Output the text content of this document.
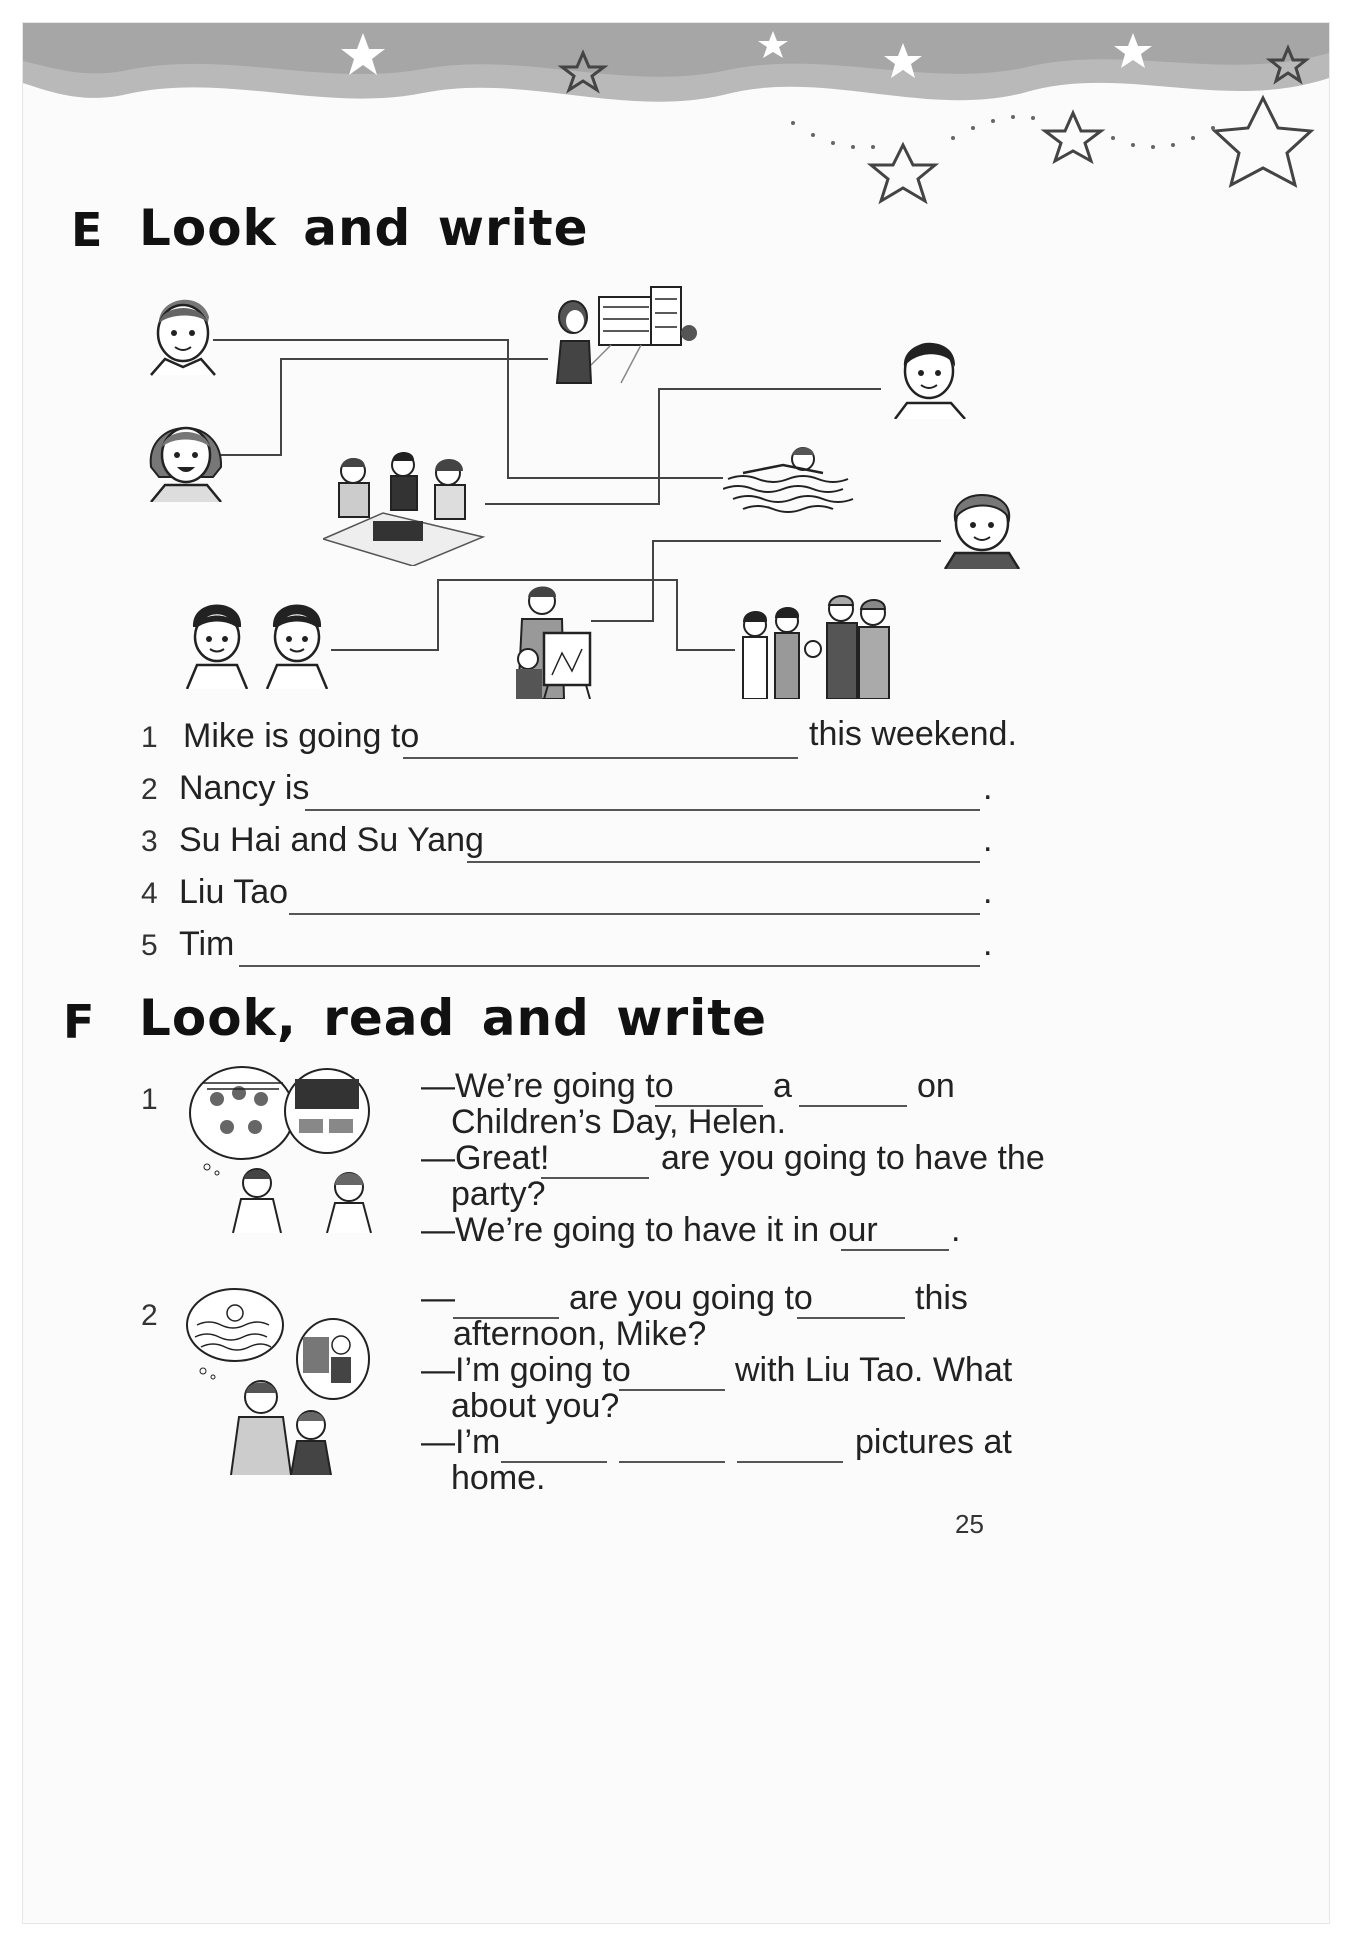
E Look and write
1 Mike is going to	this weekend.
2 Nancy is	.
3 Su Hai and Su Yang	.
4 Liu Tao	.
5 Tim	.
F Look, read and write
1	—We’re going to	a	on
Children’s Day, Helen.
—Great!	are you going to have the
party?
—We’re going to have it in our .
2	—	are you going to	this
afternoon, Mike?
—I’m going to	with Liu Tao. What
about you?
—I’m	pictures at
home.
25
